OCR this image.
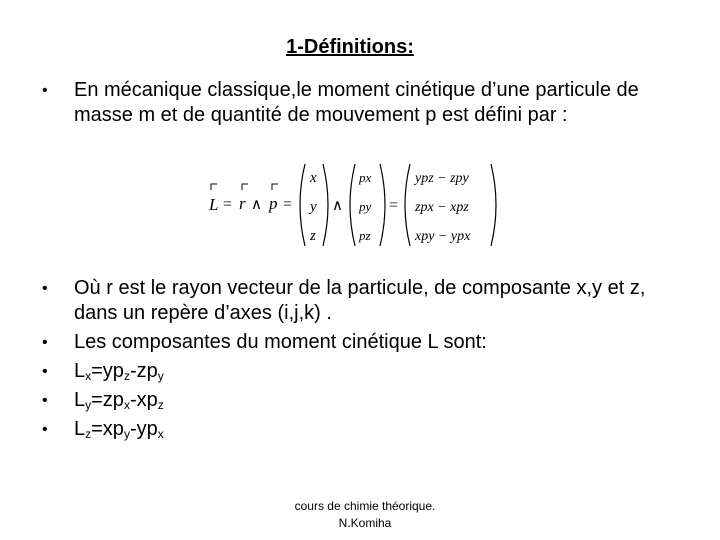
1-Définitions:
•	En mécanique classique,le moment cinétique d’une particule de masse m et de quantité de mouvement p est défini par :
L = r ∧ p =
x
y
z
∧
px
py
pz
=
ypz − zpy
zpx − xpz
xpy − ypx
•	Où r est le rayon vecteur de la particule, de composante x,y et z, dans un repère d’axes (i,j,k) .
•	Les composantes du moment cinétique L sont:
•	$L_x=yp_z-zp_y$
•	$L_y=zp_x-xp_z$
•	$L_z=xp_y-yp_x$
cours de chimie théorique.
N.Komiha
